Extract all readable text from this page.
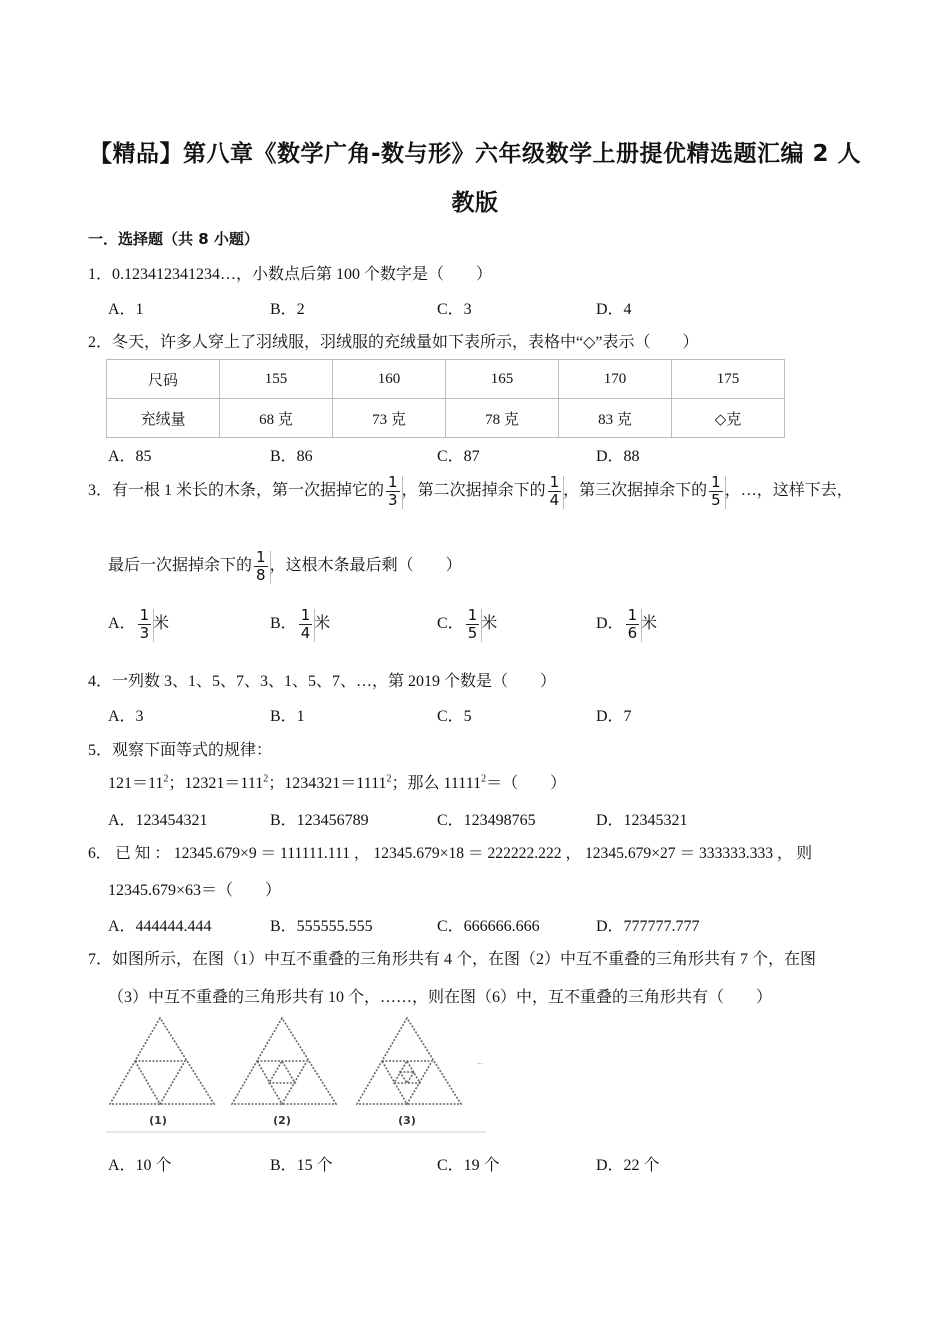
【精品】第八章《数学广角-数与形》六年级数学上册提优精选题汇编 2 人
教版
一．选择题（共 8 小题）
1．0.123412341234…，小数点后第 100 个数字是（　　）
A．1	B．2	C．3	D．4
2．冬天，许多人穿上了羽绒服，羽绒服的充绒量如下表所示，表格中“◇”表示（　　）
尺码	155	160	165	170	175
充绒量	68 克	73 克	78 克	83 克	◇克
A．85	B．86	C．87	D．88
3．有一根 1 米长的木条，第一次据掉它的 $\frac{1}{3}$ ，第二次据掉余下的 $\frac{1}{4}$ ，第三次据掉余下的 $\frac{1}{5}$ ，…，这样下去，
最后一次据掉余下的 $\frac{1}{8}$ ，这根木条最后剩（　　）
A． $\frac{1}{3}$ 米	B． $\frac{1}{4}$ 米	C． $\frac{1}{5}$ 米	D． $\frac{1}{6}$ 米
4．一列数 3、1、5、7、3、1、5、7、…，第 2019 个数是（　　）
A．3	B．1	C．5	D．7
5．观察下面等式的规律：
$121=11^2$；$12321=111^2$；$1234321=1111^2$；那么 $11111^2=$（　　）
A．123454321	B．123456789	C．123498765	D．12345321
6． 已 知 ： 12345.679×9 ＝ 111111.111 ， 12345.679×18 ＝ 222222.222 ， 12345.679×27 ＝ 333333.333 ， 则
12345.679×63＝（　　）
A．444444.444	B．555555.555	C．666666.666	D．777777.777
7．如图所示，在图（1）中互不重叠的三角形共有 4 个，在图（2）中互不重叠的三角形共有 7 个，在图
（3）中互不重叠的三角形共有 10 个，……，则在图（6）中，互不重叠的三角形共有（　　）
···
(1)	(2)	(3)
A．10 个	B．15 个	C．19 个	D．22 个
